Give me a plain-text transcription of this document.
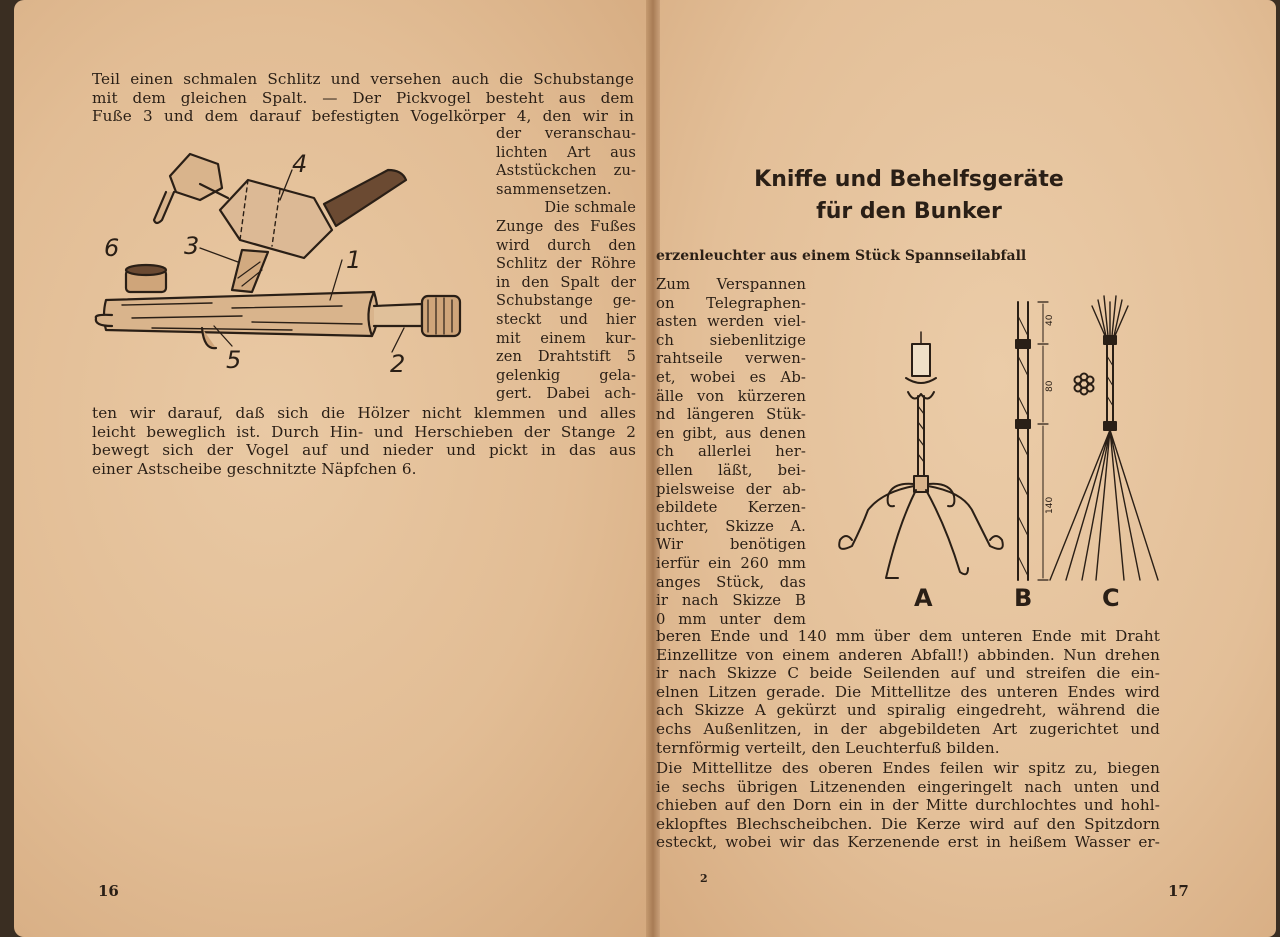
Teil einen schmalen Schlitz und versehen auch die Schubstange
mit dem gleichen Spalt. — Der Pickvogel besteht aus dem
Fuße 3 und dem darauf befestigten Vogelkörper 4, den wir in
der veranschau-
lichten Art aus
Aststückchen zu-
sammensetzen.
Die schmale
Zunge des Fußes
wird durch den
Schlitz der Röhre
in den Spalt der
Schubstange ge-
steckt und hier
mit einem kur-
zen Drahtstift 5
gelenkig gela-
gert. Dabei ach-
ten wir darauf, daß sich die Hölzer nicht klemmen und alles
leicht beweglich ist. Durch Hin- und Herschieben der Stange 2
bewegt sich der Vogel auf und nieder und pickt in das aus
einer Astscheibe geschnitzte Näpfchen 6.
1
2
3
4
5
6
16
Kniffe und Behelfsgeräte
für den Bunker
erzenleuchter aus einem Stück Spannseilabfall
Zum Verspannen
on Telegraphen-
asten werden viel-
ch siebenlitzige
rahtseile verwen-
et, wobei es Ab-
älle von kürzeren
nd längeren Stük-
en gibt, aus denen
ch allerlei her-
ellen läßt, bei-
pielsweise der ab-
ebildete Kerzen-
uchter, Skizze A.
Wir benötigen
ierfür ein 260 mm
anges Stück, das
ir nach Skizze B
0 mm unter dem
40
80
140
A	B	C
beren Ende und 140 mm über dem unteren Ende mit Draht
Einzellitze von einem anderen Abfall!) abbinden. Nun drehen
ir nach Skizze C beide Seilenden auf und streifen die ein-
elnen Litzen gerade. Die Mittellitze des unteren Endes wird
ach Skizze A gekürzt und spiralig eingedreht, während die
echs Außenlitzen, in der abgebildeten Art zugerichtet und
ternförmig verteilt, den Leuchterfuß bilden.
Die Mittellitze des oberen Endes feilen wir spitz zu, biegen
ie sechs übrigen Litzenenden eingeringelt nach unten und
chieben auf den Dorn ein in der Mitte durchlochtes und hohl-
eklopftes Blechscheibchen. Die Kerze wird auf den Spitzdorn
esteckt, wobei wir das Kerzenende erst in heißem Wasser er-
2
17
